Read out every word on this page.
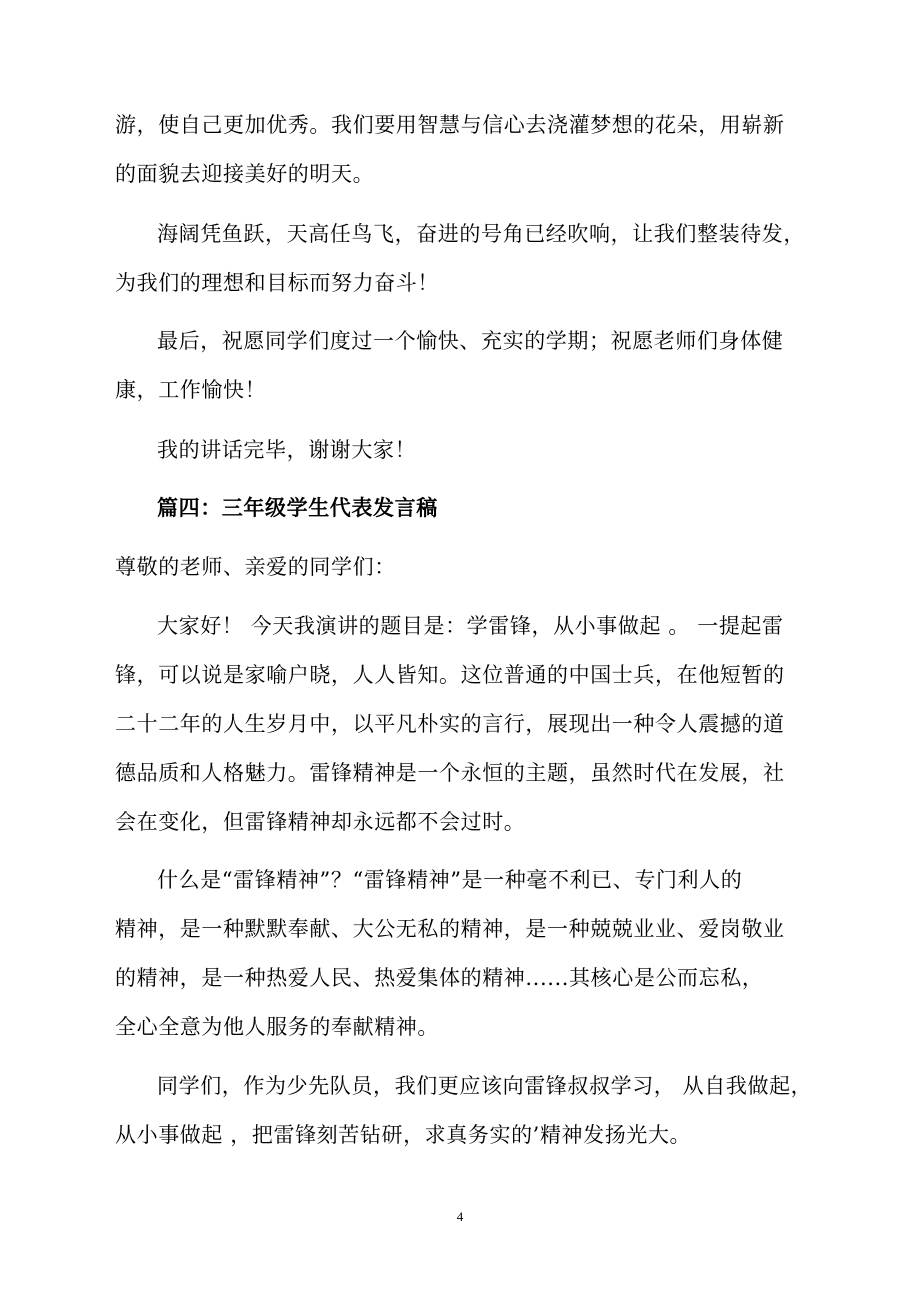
游，使自己更加优秀。我们要用智慧与信心去浇灌梦想的花朵，用崭新
的面貌去迎接美好的明天。
海阔凭鱼跃，天高任鸟飞，奋进的号角已经吹响，让我们整装待发，
为我们的理想和目标而努力奋斗！
最后，祝愿同学们度过一个愉快、充实的学期；祝愿老师们身体健
康，工作愉快！
我的讲话完毕，谢谢大家！
篇四：三年级学生代表发言稿
尊敬的老师、亲爱的同学们：
大家好！ 今天我演讲的题目是：学雷锋，从小事做起 。 一提起雷
锋，可以说是家喻户晓，人人皆知。这位普通的中国士兵，在他短暂的
二十二年的人生岁月中，以平凡朴实的言行，展现出一种令人震撼的道
德品质和人格魅力。雷锋精神是一个永恒的主题，虽然时代在发展，社
会在变化，但雷锋精神却永远都不会过时。
什么是“雷锋精神”？“雷锋精神”是一种毫不利已、专门利人的
精神，是一种默默奉献、大公无私的精神，是一种兢兢业业、爱岗敬业
的精神，是一种热爱人民、热爱集体的精神......其核心是公而忘私，
全心全意为他人服务的奉献精神。
同学们，作为少先队员，我们更应该向雷锋叔叔学习， 从自我做起，
从小事做起 ，把雷锋刻苦钻研，求真务实的’精神发扬光大。
4
